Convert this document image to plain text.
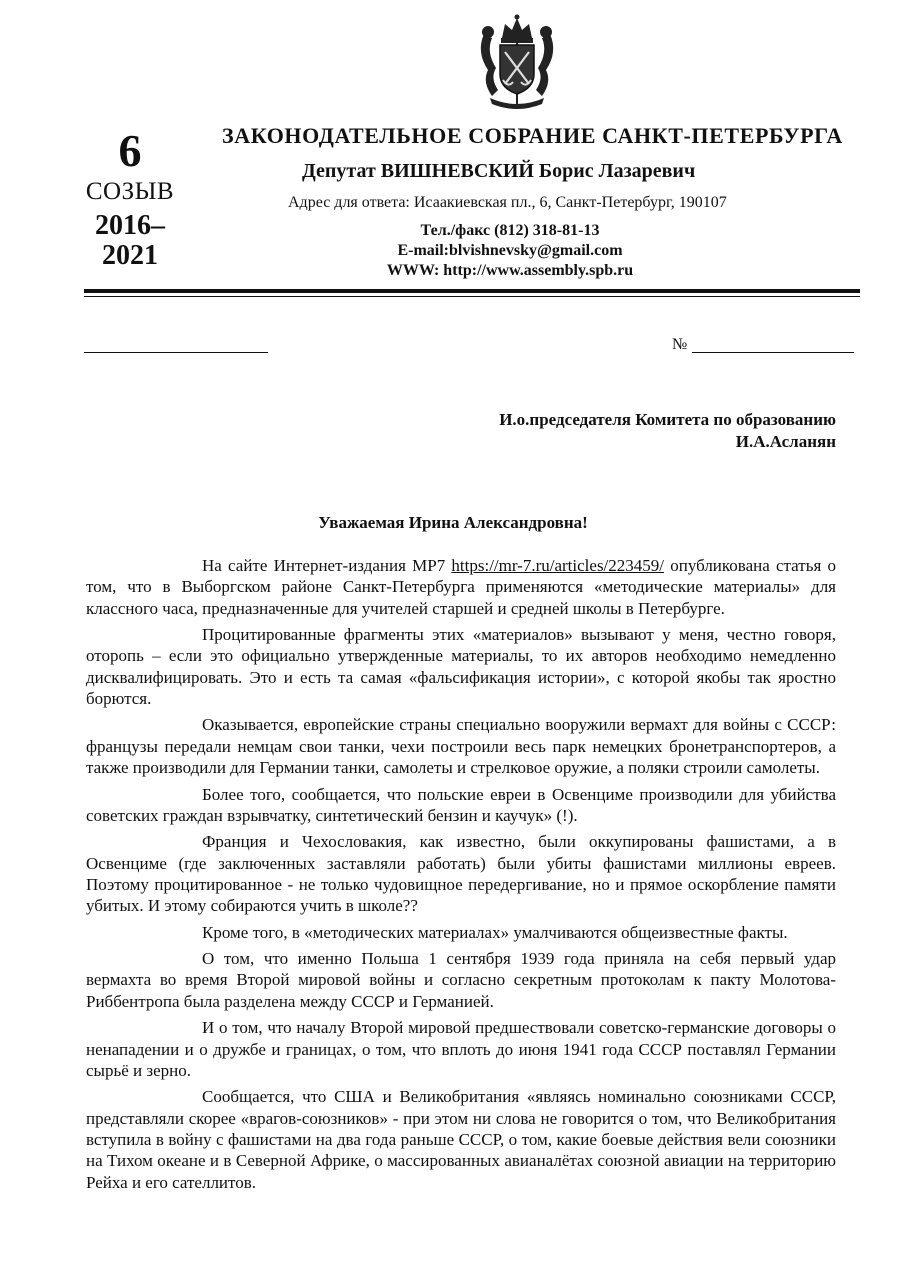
6
СОЗЫВ
2016–
2021
ЗАКОНОДАТЕЛЬНОЕ СОБРАНИЕ САНКТ-ПЕТЕРБУРГА
Депутат ВИШНЕВСКИЙ Борис Лазаревич
Адрес для ответа: Исаакиевская пл., 6, Санкт-Петербург, 190107
Тел./факс (812) 318-81-13
E-mail:blvishnevsky@gmail.com
WWW: http://www.assembly.spb.ru
№
И.о.председателя Комитета по образованию
И.А.Асланян
Уважаемая Ирина Александровна!

На сайте Интернет-издания МР7 https://mr-7.ru/articles/223459/ опубликована статья о том, что в Выборгском районе Санкт-Петербурга применяются «методические материалы» для классного часа, предназначенные для учителей старшей и средней школы в Петербурге.

Процитированные фрагменты этих «материалов» вызывают у меня, честно говоря, оторопь – если это официально утвержденные материалы, то их авторов необходимо немедленно дисквалифицировать. Это и есть та самая «фальсификация истории», с которой якобы так яростно борются.

Оказывается, европейские страны специально вооружили вермахт для войны с СССР: французы передали немцам свои танки, чехи построили весь парк немецких бронетранспортеров, а также производили для Германии танки, самолеты и стрелковое оружие, а поляки строили самолеты.

Более того, сообщается, что польские евреи в Освенциме производили для убийства советских граждан взрывчатку, синтетический бензин и каучук» (!).

Франция и Чехословакия, как известно, были оккупированы фашистами, а в Освенциме (где заключенных заставляли работать) были убиты фашистами миллионы евреев. Поэтому процитированное - не только чудовищное передергивание, но и прямое оскорбление памяти убитых. И этому собираются учить в школе??

Кроме того, в «методических материалах» умалчиваются общеизвестные факты.

О том, что именно Польша 1 сентября 1939 года приняла на себя первый удар вермахта во время Второй мировой войны и согласно секретным протоколам к пакту Молотова-Риббентропа была разделена между СССР и Германией.

И о том, что началу Второй мировой предшествовали советско-германские договоры о ненападении и о дружбе и границах, о том, что вплоть до июня 1941 года СССР поставлял Германии сырьё и зерно.

Сообщается, что США и Великобритания «являясь номинально союзниками СССР, представляли скорее «врагов-союзников» - при этом ни слова не говорится о том, что Великобритания вступила в войну с фашистами на два года раньше СССР, о том, какие боевые действия вели союзники на Тихом океане и в Северной Африке, о массированных авианалётах союзной авиации на территорию Рейха и его сателлитов.
